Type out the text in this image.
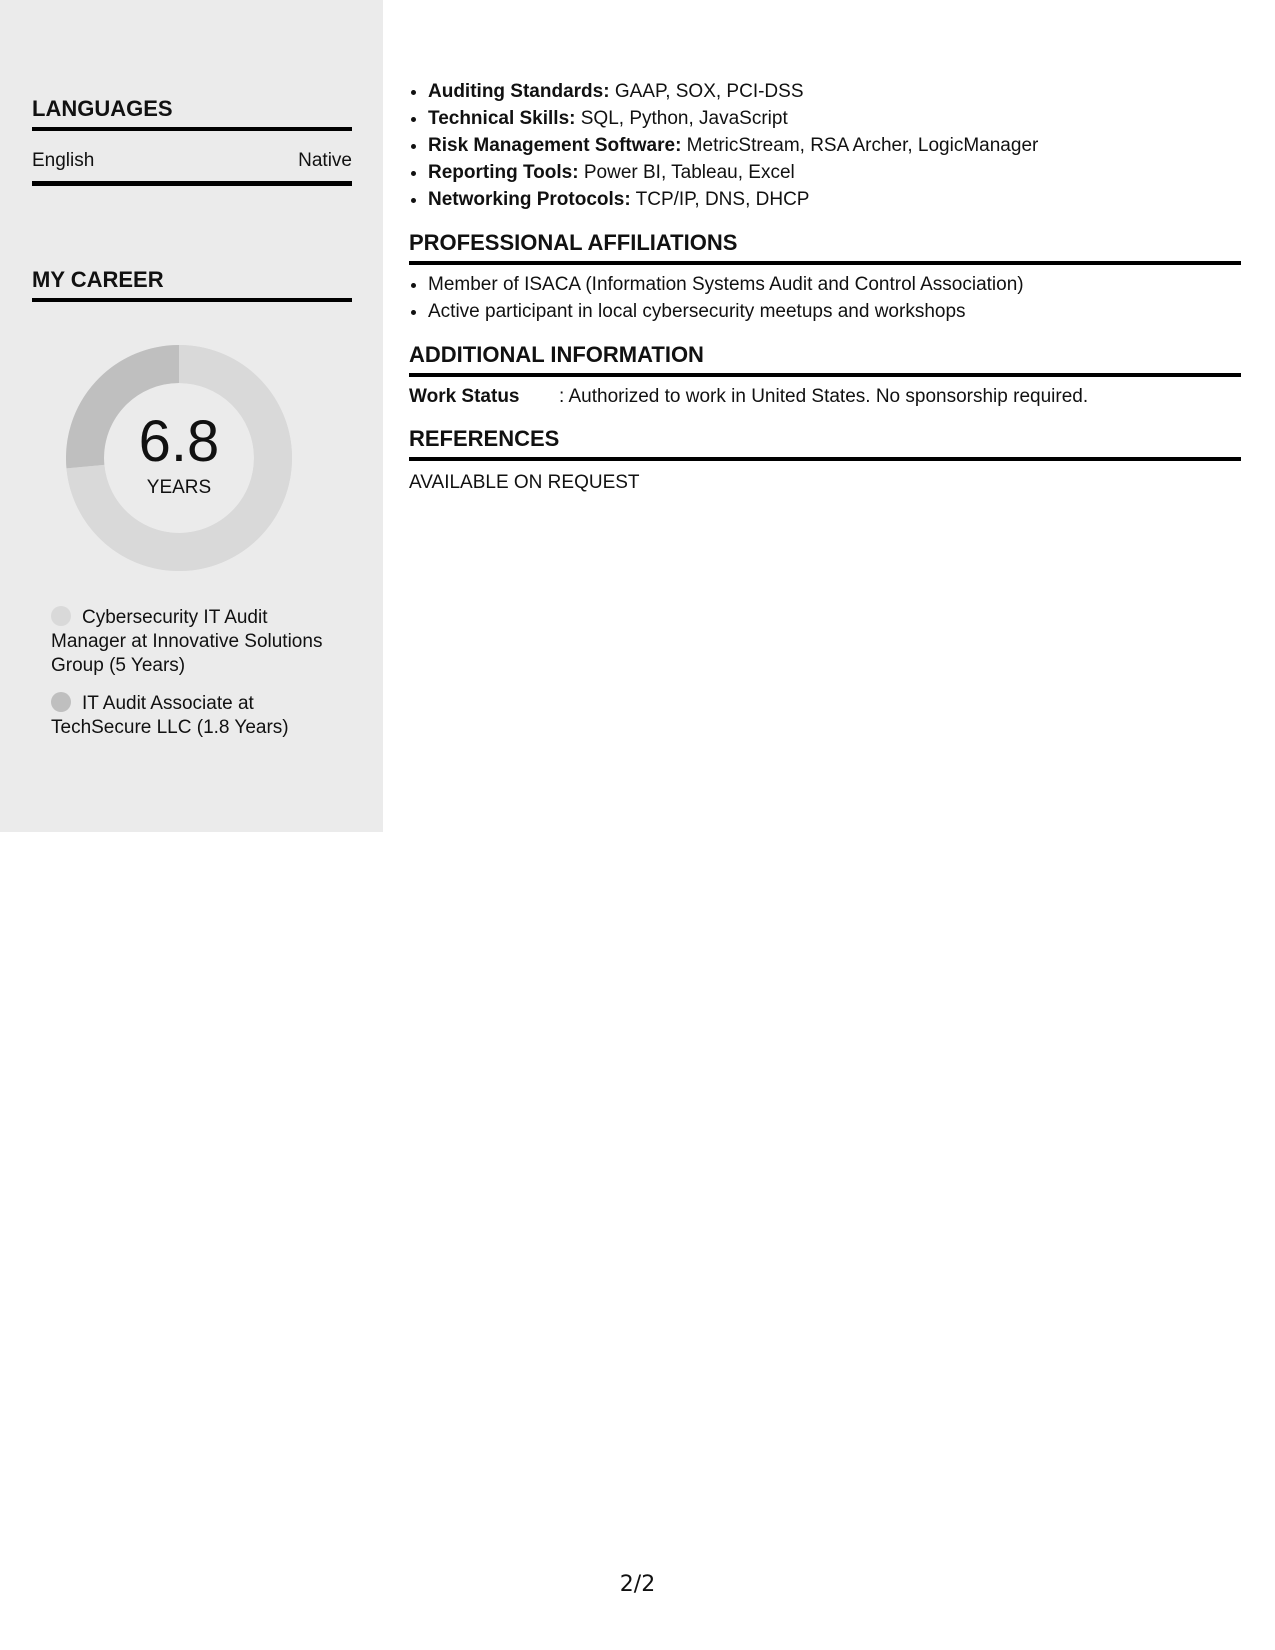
LANGUAGES
English	Native
MY CAREER
6.8
YEARS
Cybersecurity IT Audit Manager at Innovative Solutions Group (5 Years)
IT Audit Associate at TechSecure LLC (1.8 Years)
• Auditing Standards: GAAP, SOX, PCI-DSS
• Technical Skills: SQL, Python, JavaScript
• Risk Management Software: MetricStream, RSA Archer, LogicManager
• Reporting Tools: Power BI, Tableau, Excel
• Networking Protocols: TCP/IP, DNS, DHCP
PROFESSIONAL AFFILIATIONS
• Member of ISACA (Information Systems Audit and Control Association)
• Active participant in local cybersecurity meetups and workshops
ADDITIONAL INFORMATION
Work Status	: Authorized to work in United States. No sponsorship required.
REFERENCES
AVAILABLE ON REQUEST
2/2
